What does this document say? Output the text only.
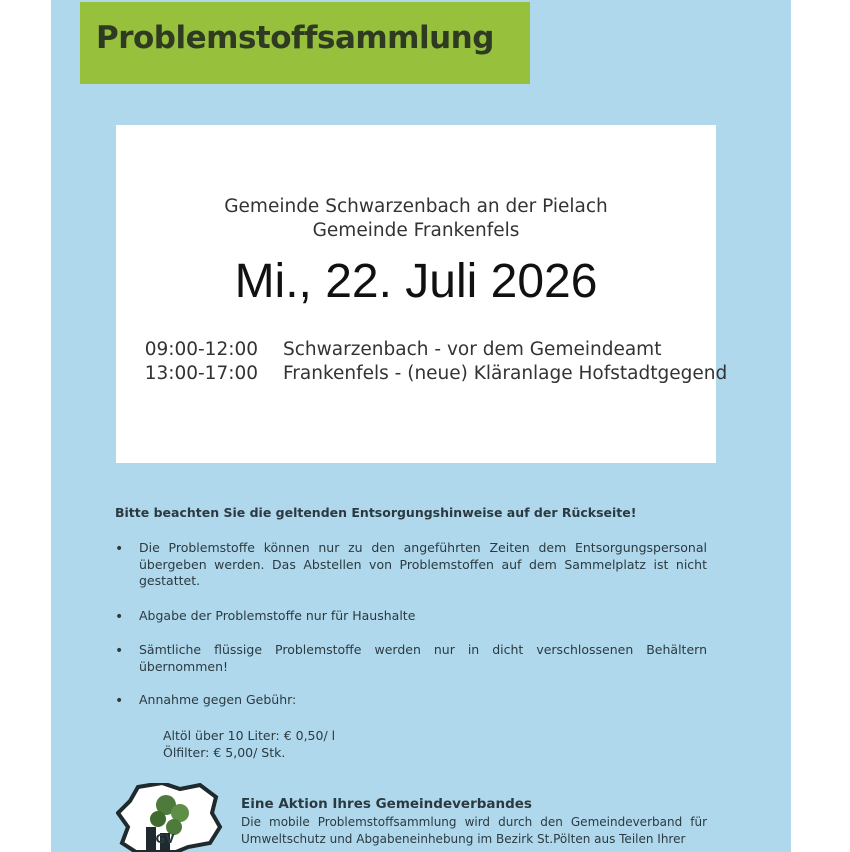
Problemstoffsammlung
Gemeinde Schwarzenbach an der Pielach
Gemeinde Frankenfels
Mi., 22. Juli 2026
09:00-12:00 Schwarzenbach - vor dem Gemeindeamt
13:00-17:00 Frankenfels - (neue) Kläranlage Hofstadtgegend
Bitte beachten Sie die geltenden Entsorgungshinweise auf der Rückseite!
• Die Problemstoffe können nur zu den angeführten Zeiten dem Entsorgungspersonal übergeben werden. Das Abstellen von Problemstoffen auf dem Sammelplatz ist nicht gestattet.
• Abgabe der Problemstoffe nur für Haushalte
• Sämtliche flüssige Problemstoffe werden nur in dicht verschlossenen Behältern übernommen!
• Annahme gegen Gebühr:
Altöl über 10 Liter: € 0,50/ l
Ölfilter: € 5,00/ Stk.
GV
Eine Aktion Ihres Gemeindeverbandes
Die mobile Problemstoffsammlung wird durch den Gemeindeverband für Umweltschutz und Abgabeneinhebung im Bezirk St.Pölten aus Teilen Ihrer
